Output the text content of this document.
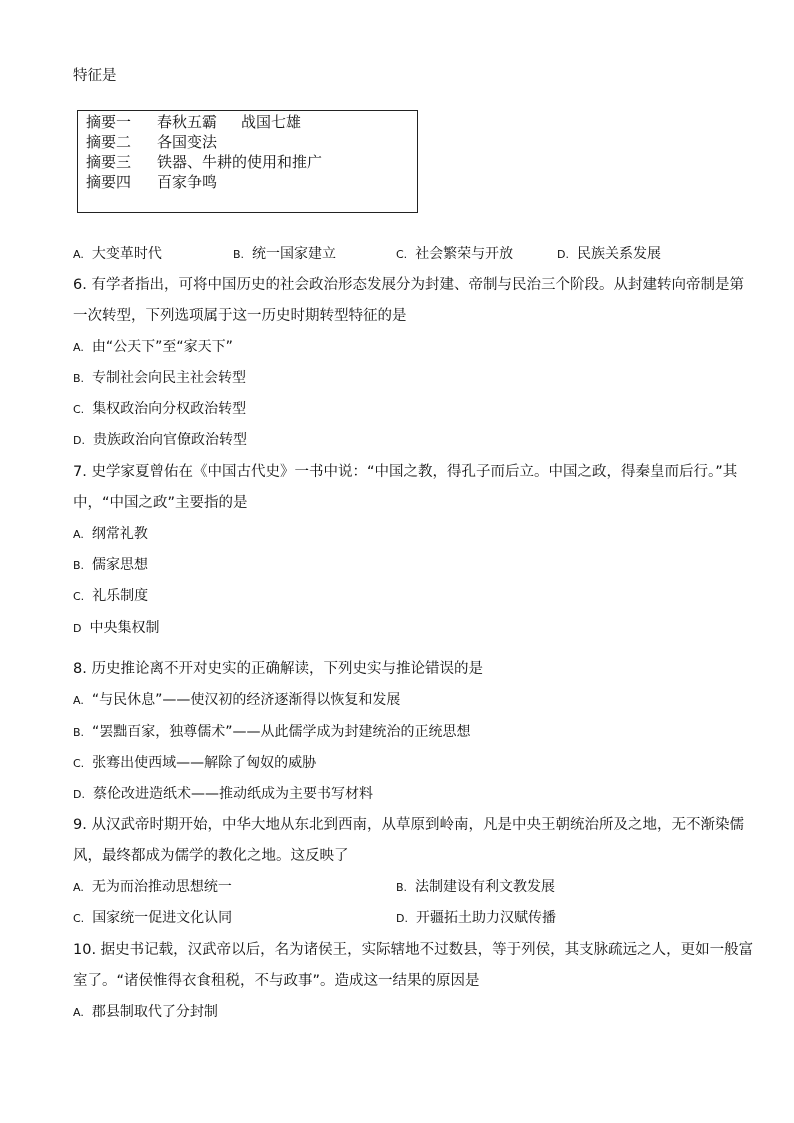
特征是
摘要一 春秋五霸 战国七雄
摘要二 各国变法
摘要三 铁器、牛耕的使用和推广
摘要四 百家争鸣
A. 大变革时代	B. 统一国家建立	C. 社会繁荣与开放	D. 民族关系发展
6. 有学者指出，可将中国历史的社会政治形态发展分为封建、帝制与民治三个阶段。从封建转向帝制是第
一次转型，下列选项属于这一历史时期转型特征的是
A. 由“公天下”至“家天下”
B. 专制社会向民主社会转型
C. 集权政治向分权政治转型
D. 贵族政治向官僚政治转型
7. 史学家夏曾佑在《中国古代史》一书中说：“中国之教，得孔子而后立。中国之政，得秦皇而后行。”其
中，“中国之政”主要指的是
A. 纲常礼教
B. 儒家思想
C. 礼乐制度
D 中央集权制
8. 历史推论离不开对史实的正确解读，下列史实与推论错误的是
A. “与民休息”——使汉初的经济逐渐得以恢复和发展
B. “罢黜百家，独尊儒术”——从此儒学成为封建统治的正统思想
C. 张骞出使西域——解除了匈奴的威胁
D. 蔡伦改进造纸术——推动纸成为主要书写材料
9. 从汉武帝时期开始，中华大地从东北到西南，从草原到岭南，凡是中央王朝统治所及之地，无不渐染儒
风，最终都成为儒学的教化之地。这反映了
A. 无为而治推动思想统一	B. 法制建设有利文教发展
C. 国家统一促进文化认同	D. 开疆拓土助力汉赋传播
10. 据史书记载，汉武帝以后，名为诸侯王，实际辖地不过数县，等于列侯，其支脉疏远之人，更如一般富
室了。“诸侯惟得衣食租税，不与政事”。造成这一结果的原因是
A. 郡县制取代了分封制
